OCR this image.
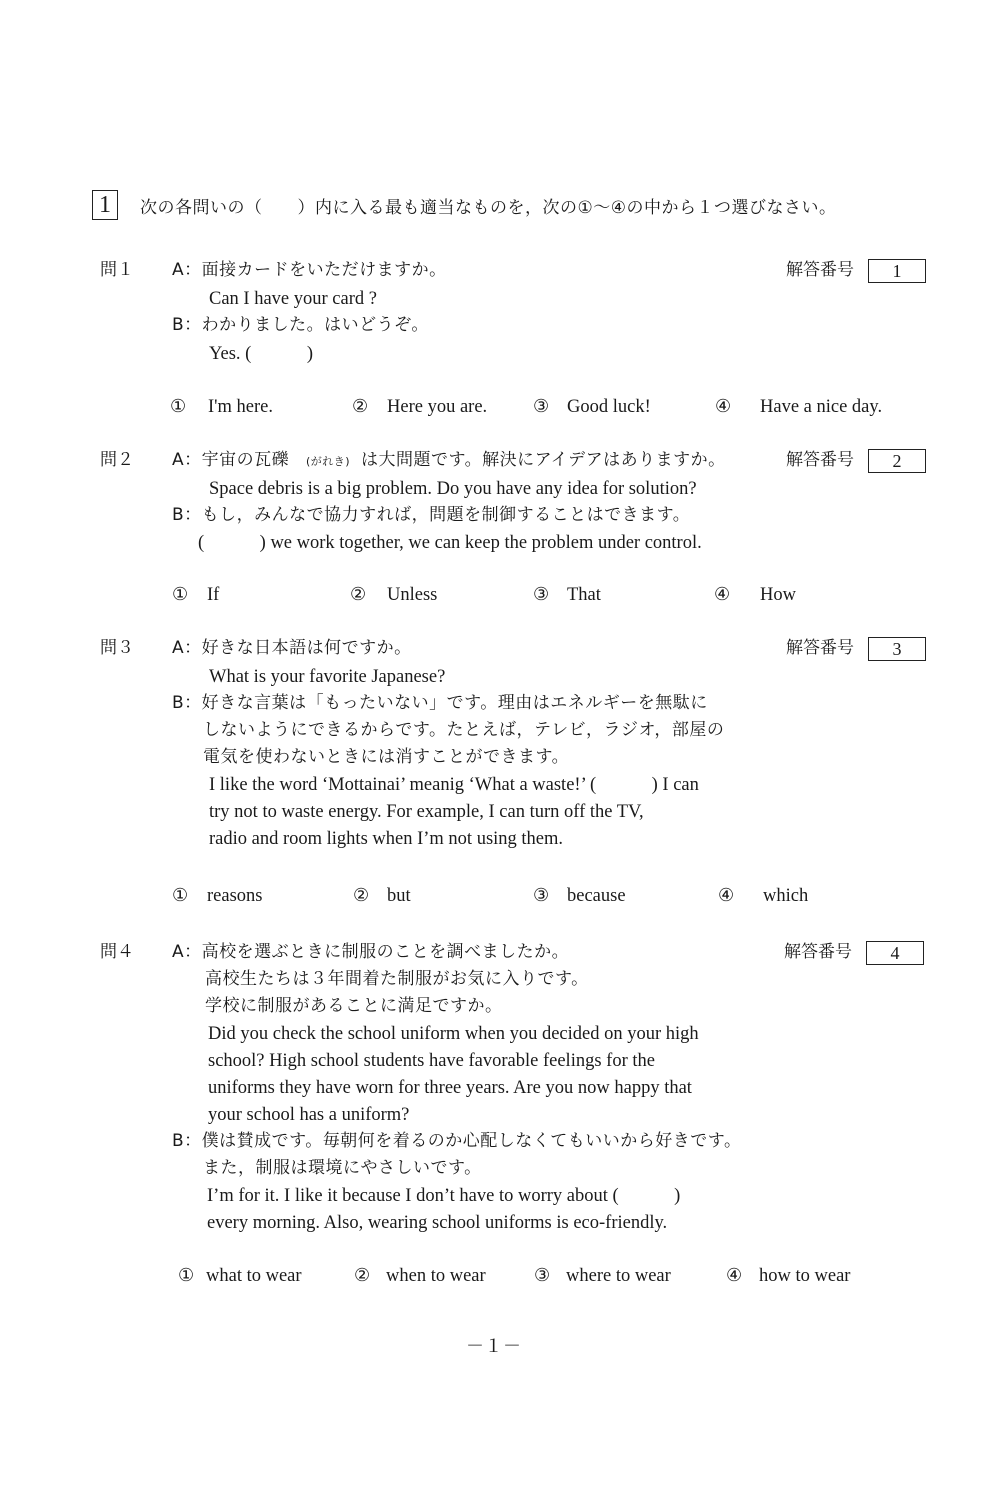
1 次の各問いの（　　）内に入る最も適当なものを，次の①〜④の中から１つ選びなさい。
問１ A：面接カードをいただけますか。	解答番号 1
Can I have your card ?
B：わかりました。はいどうぞ。
Yes. (　　　)
① I'm here.	② Here you are.	③ Good luck!	④ Have a nice day.
問２ A：宇宙の瓦礫 (がれき) は大問題です。解決にアイデアはありますか。	解答番号 2
Space debris is a big problem. Do you have any idea for solution?
B：もし，みんなで協力すれば，問題を制御することはできます。
(　　　) we work together, we can keep the problem under control.
① If	② Unless	③ That	④ How
問３ A：好きな日本語は何ですか。	解答番号 3
What is your favorite Japanese?
B：好きな言葉は「もったいない」です。理由はエネルギーを無駄に
しないようにできるからです。たとえば，テレビ，ラジオ，部屋の
電気を使わないときには消すことができます。
I like the word ‘Mottainai’ meanig ‘What a waste!’ (　　　) I can
try not to waste energy. For example, I can turn off the TV,
radio and room lights when I’m not using them.
① reasons	② but	③ because	④ which
問４ A：高校を選ぶときに制服のことを調べましたか。	解答番号 4
高校生たちは３年間着た制服がお気に入りです。
学校に制服があることに満足ですか。
Did you check the school uniform when you decided on your high
school? High school students have favorable feelings for the
uniforms they have worn for three years. Are you now happy that
your school has a uniform?
B：僕は賛成です。毎朝何を着るのか心配しなくてもいいから好きです。
また，制服は環境にやさしいです。
I’m for it. I like it because I don’t have to worry about (　　　)
every morning. Also, wearing school uniforms is eco-friendly.
① what to wear	② when to wear	③ where to wear	④ how to wear
－１－
